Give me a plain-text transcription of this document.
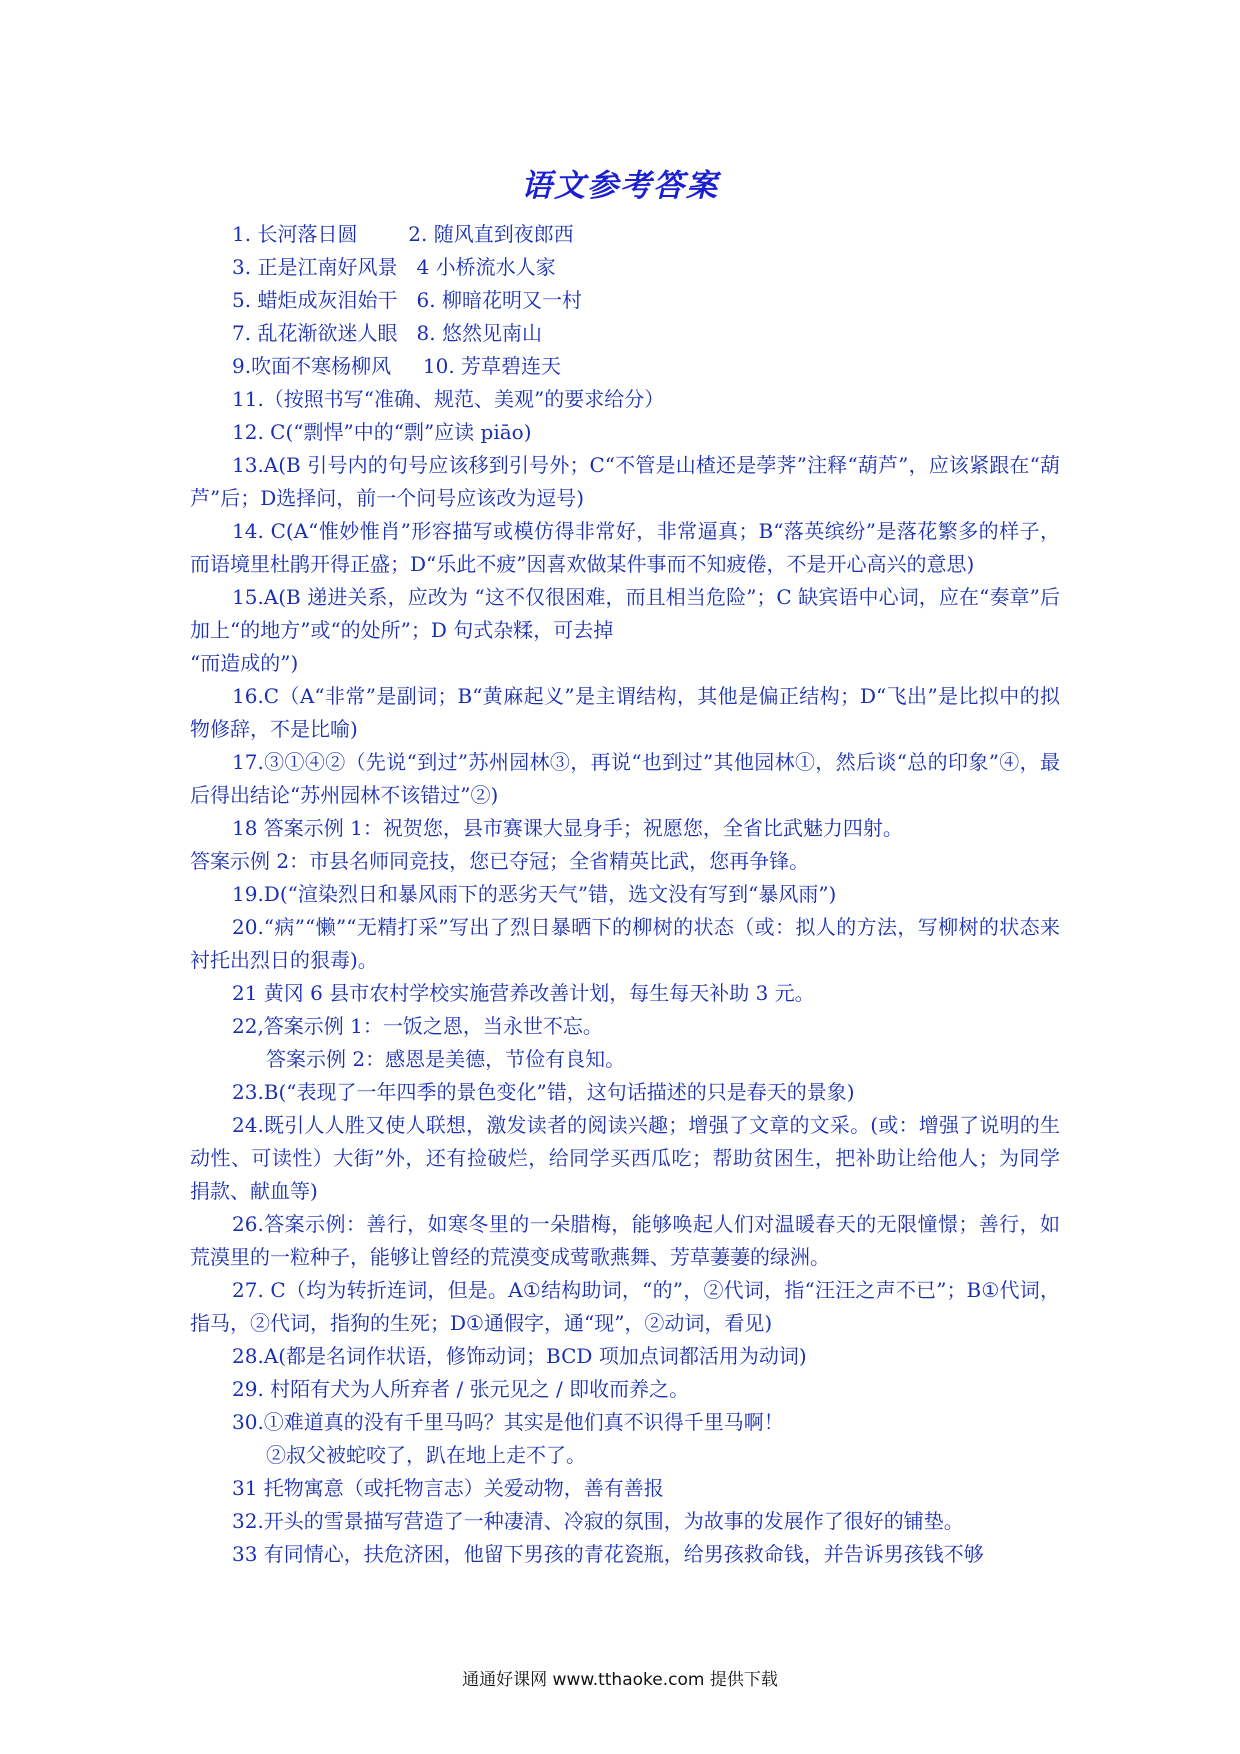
语文参考答案

1. 长河落日圆        2. 随风直到夜郎西

3. 正是江南好风景   4 小桥流水人家

5. 蜡炬成灰泪始干   6. 柳暗花明又一村

7. 乱花渐欲迷人眼   8. 悠然见南山

9.吹面不寒杨柳风     10. 芳草碧连天

11.（按照书写“准确、规范、美观”的要求给分）

12. C(“剽悍”中的“剽”应读 piāo)

13.A(B 引号内的句号应该移到引号外；C“不管是山楂还是荸荠”注释“葫芦”，应该紧跟在“葫芦”后；D选择问，前一个问号应该改为逗号)

14. C(A“惟妙惟肖”形容描写或模仿得非常好，非常逼真；B“落英缤纷”是落花繁多的样子，而语境里杜鹃开得正盛；D“乐此不疲”因喜欢做某件事而不知疲倦，不是开心高兴的意思)

15.A(B 递进关系，应改为 “这不仅很困难，而且相当危险”；C 缺宾语中心词，应在“奏章”后加上“的地方”或“的处所”；D 句式杂糅，可去掉

“而造成的”)

16.C（A“非常”是副词；B“黄麻起义”是主谓结构，其他是偏正结构；D“飞出”是比拟中的拟物修辞，不是比喻)

17.③①④②（先说“到过”苏州园林③，再说“也到过”其他园林①，然后谈“总的印象”④，最后得出结论“苏州园林不该错过”②)

18 答案示例 1：祝贺您，县市赛课大显身手；祝愿您，全省比武魅力四射。

答案示例 2：市县名师同竞技，您已夺冠；全省精英比武，您再争锋。

19.D(“渲染烈日和暴风雨下的恶劣天气”错，选文没有写到“暴风雨”)

20.“病”“懒”“无精打采”写出了烈日暴晒下的柳树的状态（或：拟人的方法，写柳树的状态来衬托出烈日的狠毒)。

21 黄冈 6 县市农村学校实施营养改善计划，每生每天补助 3 元。

22,答案示例 1：一饭之恩，当永世不忘。

答案示例 2：感恩是美德，节俭有良知。

23.B(“表现了一年四季的景色变化”错，这句话描述的只是春天的景象)

24.既引人人胜又使人联想，激发读者的阅读兴趣；增强了文章的文采。(或：增强了说明的生动性、可读性）大街”外，还有捡破烂，给同学买西瓜吃；帮助贫困生，把补助让给他人；为同学捐款、献血等)

26.答案示例：善行，如寒冬里的一朵腊梅，能够唤起人们对温暖春天的无限憧憬；善行，如荒漠里的一粒种子，能够让曾经的荒漠变成莺歌燕舞、芳草萋萋的绿洲。

27. C（均为转折连词，但是。A①结构助词，“的”，②代词，指“汪汪之声不已”；B①代词，指马，②代词，指狗的生死；D①通假字，通“现”，②动词，看见)

28.A(都是名词作状语，修饰动词；BCD 项加点词都活用为动词)

29. 村陌有犬为人所弃者 / 张元见之 / 即收而养之。

30.①难道真的没有千里马吗？其实是他们真不识得千里马啊！

②叔父被蛇咬了，趴在地上走不了。

31 托物寓意（或托物言志）关爱动物，善有善报

32.开头的雪景描写营造了一种凄清、冷寂的氛围，为故事的发展作了很好的铺垫。

33 有同情心，扶危济困，他留下男孩的青花瓷瓶，给男孩救命钱，并告诉男孩钱不够

通通好课网 www.tthaoke.com 提供下载
